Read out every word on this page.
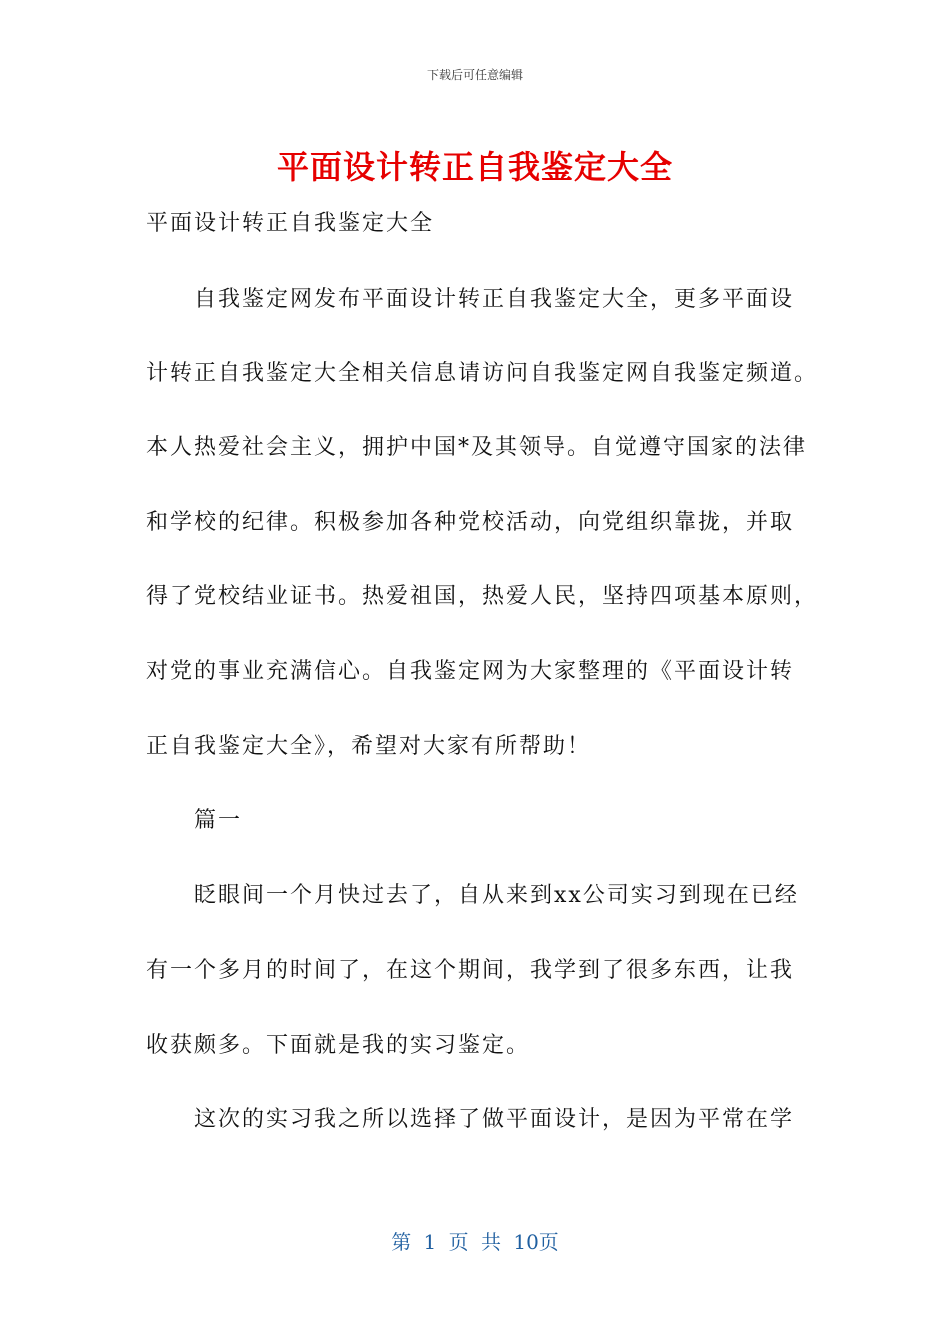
下载后可任意编辑
平面设计转正自我鉴定大全
平面设计转正自我鉴定大全
自我鉴定网发布平面设计转正自我鉴定大全，更多平面设
计转正自我鉴定大全相关信息请访问自我鉴定网自我鉴定频道。
本人热爱社会主义，拥护中国*及其领导。自觉遵守国家的法律
和学校的纪律。积极参加各种党校活动，向党组织靠拢，并取
得了党校结业证书。热爱祖国，热爱人民，坚持四项基本原则，
对党的事业充满信心。自我鉴定网为大家整理的《平面设计转
正自我鉴定大全》，希望对大家有所帮助！
篇一
眨眼间一个月快过去了，自从来到xx公司实习到现在已经
有一个多月的时间了，在这个期间，我学到了很多东西，让我
收获颇多。下面就是我的实习鉴定。
这次的实习我之所以选择了做平面设计，是因为平常在学
第 1 页 共 10页
